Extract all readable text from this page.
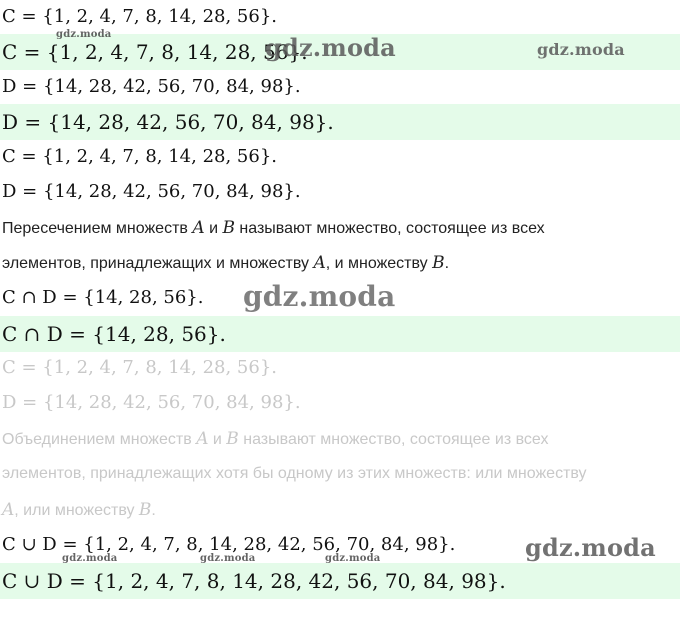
C = {1, 2, 4, 7, 8, 14, 28, 56}.
C = {1, 2, 4, 7, 8, 14, 28, 56}.
D = {14, 28, 42, 56, 70, 84, 98}.
D = {14, 28, 42, 56, 70, 84, 98}.
C = {1, 2, 4, 7, 8, 14, 28, 56}.
D = {14, 28, 42, 56, 70, 84, 98}.
Пересечением множеств A и B называют множество, состоящее из всех
элементов, принадлежащих и множеству A, и множеству B.
C ∩ D = {14, 28, 56}.
C ∩ D = {14, 28, 56}.
C = {1, 2, 4, 7, 8, 14, 28, 56}.
D = {14, 28, 42, 56, 70, 84, 98}.
Объединением множеств A и B называют множество, состоящее из всех
элементов, принадлежащих хотя бы одному из этих множеств: или множеству
A, или множеству B.
C ∪ D = {1, 2, 4, 7, 8, 14, 28, 42, 56, 70, 84, 98}.
C ∪ D = {1, 2, 4, 7, 8, 14, 28, 42, 56, 70, 84, 98}.
gdz.moda	gdz.moda	gdz.moda
gdz.moda
gdz.moda
gdz.moda	gdz.moda	gdz.moda
